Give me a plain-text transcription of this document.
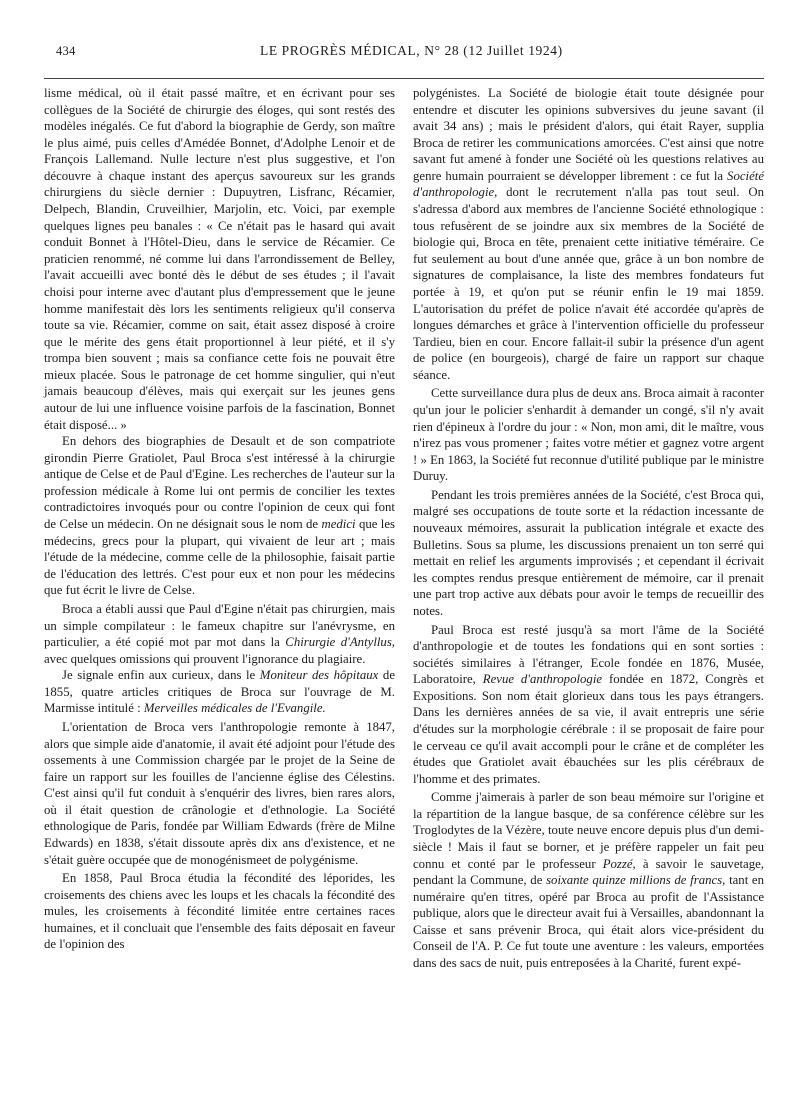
434	LE PROGRÈS MÉDICAL, N° 28 (12 Juillet 1924)

lisme médical, où il était passé maître, et en écrivant pour ses collègues de la Société de chirurgie des éloges, qui sont restés des modèles inégalés. Ce fut d'abord la biographie de Gerdy, son maître le plus aimé, puis celles d'Amédée Bonnet, d'Adolphe Lenoir et de François Lallemand. Nulle lecture n'est plus suggestive, et l'on découvre à chaque instant des aperçus savoureux sur les grands chirurgiens du siècle dernier : Dupuytren, Lisfranc, Récamier, Delpech, Blandin, Cruveilhier, Marjolin, etc. Voici, par exemple quelques lignes peu banales : « Ce n'était pas le hasard qui avait conduit Bonnet à l'Hôtel-Dieu, dans le service de Récamier. Ce praticien renommé, né comme lui dans l'arrondissement de Belley, l'avait accueilli avec bonté dès le début de ses études ; il l'avait choisi pour interne avec d'autant plus d'empressement que le jeune homme manifestait dès lors les sentiments religieux qu'il conserva toute sa vie. Récamier, comme on sait, était assez disposé à croire que le mérite des gens était proportionnel à leur piété, et il s'y trompa bien souvent ; mais sa confiance cette fois ne pouvait être mieux placée. Sous le patronage de cet homme singulier, qui n'eut jamais beaucoup d'élèves, mais qui exerçait sur les jeunes gens autour de lui une influence voisine parfois de la fascination, Bonnet était disposé... »

En dehors des biographies de Desault et de son compatriote girondin Pierre Gratiolet, Paul Broca s'est intéressé à la chirurgie antique de Celse et de Paul d'Egine. Les recherches de l'auteur sur la profession médicale à Rome lui ont permis de concilier les textes contradictoires invoqués pour ou contre l'opinion de ceux qui font de Celse un médecin. On ne désignait sous le nom de medici que les médecins, grecs pour la plupart, qui vivaient de leur art ; mais l'étude de la médecine, comme celle de la philosophie, faisait partie de l'éducation des lettrés. C'est pour eux et non pour les médecins que fut écrit le livre de Celse.

Broca a établi aussi que Paul d'Egine n'était pas chirurgien, mais un simple compilateur : le fameux chapitre sur l'anévrysme, en particulier, a été copié mot par mot dans la Chirurgie d'Antyllus, avec quelques omissions qui prouvent l'ignorance du plagiaire.

Je signale enfin aux curieux, dans le Moniteur des hôpitaux de 1855, quatre articles critiques de Broca sur l'ouvrage de M. Marmisse intitulé : Merveilles médicales de l'Evangile.

L'orientation de Broca vers l'anthropologie remonte à 1847, alors que simple aide d'anatomie, il avait été adjoint pour l'étude des ossements à une Commission chargée par le projet de la Seine de faire un rapport sur les fouilles de l'ancienne église des Célestins. C'est ainsi qu'il fut conduit à s'enquérir des livres, bien rares alors, où il était question de crânologie et d'ethnologie. La Société ethnologique de Paris, fondée par William Edwards (frère de Milne Edwards) en 1838, s'était dissoute après dix ans d'existence, et ne s'était guère occupée que de monogénismeet de polygénisme.

En 1858, Paul Broca étudia la fécondité des léporides, les croisements des chiens avec les loups et les chacals la fécondité des mules, les croisements à fécondité limitée entre certaines races humaines, et il concluait que l'ensemble des faits déposait en faveur de l'opinion des

polygénistes. La Société de biologie était toute désignée pour entendre et discuter les opinions subversives du jeune savant (il avait 34 ans) ; mais le président d'alors, qui était Rayer, supplia Broca de retirer les communications amorcées. C'est ainsi que notre savant fut amené à fonder une Société où les questions relatives au genre humain pourraient se développer librement : ce fut la Société d'anthropologie, dont le recrutement n'alla pas tout seul. On s'adressa d'abord aux membres de l'ancienne Société ethnologique : tous refusèrent de se joindre aux six membres de la Société de biologie qui, Broca en tête, prenaient cette initiative téméraire. Ce fut seulement au bout d'une année que, grâce à un bon nombre de signatures de complaisance, la liste des membres fondateurs fut portée à 19, et qu'on put se réunir enfin le 19 mai 1859. L'autorisation du préfet de police n'avait été accordée qu'après de longues démarches et grâce à l'intervention officielle du professeur Tardieu, bien en cour. Encore fallait-il subir la présence d'un agent de police (en bourgeois), chargé de faire un rapport sur chaque séance.

Cette surveillance dura plus de deux ans. Broca aimait à raconter qu'un jour le policier s'enhardit à demander un congé, s'il n'y avait rien d'épineux à l'ordre du jour : « Non, mon ami, dit le maître, vous n'irez pas vous promener ; faites votre métier et gagnez votre argent ! » En 1863, la Société fut reconnue d'utilité publique par le ministre Duruy.

Pendant les trois premières années de la Société, c'est Broca qui, malgré ses occupations de toute sorte et la rédaction incessante de nouveaux mémoires, assurait la publication intégrale et exacte des Bulletins. Sous sa plume, les discussions prenaient un ton serré qui mettait en relief les arguments improvisés ; et cependant il écrivait les comptes rendus presque entièrement de mémoire, car il prenait une part trop active aux débats pour avoir le temps de recueillir des notes.

Paul Broca est resté jusqu'à sa mort l'âme de la Société d'anthropologie et de toutes les fondations qui en sont sorties : sociétés similaires à l'étranger, Ecole fondée en 1876, Musée, Laboratoire, Revue d'anthropologie fondée en 1872, Congrès et Expositions. Son nom était glorieux dans tous les pays étrangers. Dans les dernières années de sa vie, il avait entrepris une série d'études sur la morphologie cérébrale : il se proposait de faire pour le cerveau ce qu'il avait accompli pour le crâne et de compléter les études que Gratiolet avait ébauchées sur les plis cérébraux de l'homme et des primates.

Comme j'aimerais à parler de son beau mémoire sur l'origine et la répartition de la langue basque, de sa conférence célèbre sur les Troglodytes de la Vézère, toute neuve encore depuis plus d'un demi-siècle ! Mais il faut se borner, et je préfère rappeler un fait peu connu et conté par le professeur Pozzé, à savoir le sauvetage, pendant la Commune, de soixante quinze millions de francs, tant en numéraire qu'en titres, opéré par Broca au profit de l'Assistance publique, alors que le directeur avait fui à Versailles, abandonnant la Caisse et sans prévenir Broca, qui était alors vice-président du Conseil de l'A. P. Ce fut toute une aventure : les valeurs, emportées dans des sacs de nuit, puis entreposées à la Charité, furent expé-
